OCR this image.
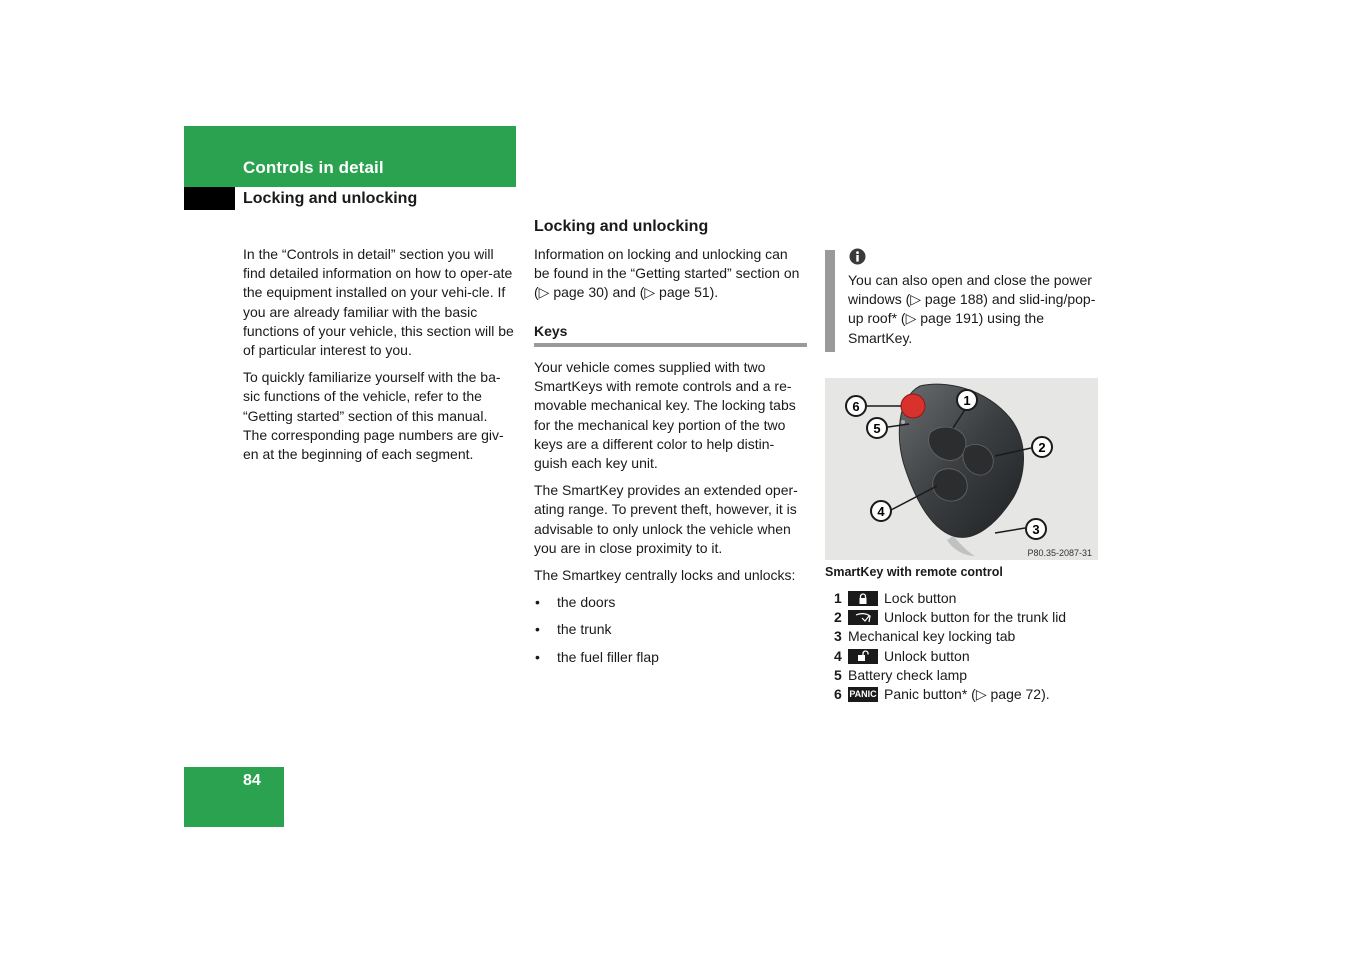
Controls in detail
Locking and unlocking

In the “Controls in detail” section you will find detailed information on how to oper-ate the equipment installed on your vehi-cle. If you are already familiar with the basic functions of your vehicle, this section will be of particular interest to you.

To quickly familiarize yourself with the ba-sic functions of the vehicle, refer to the “Getting started” section of this manual. The corresponding page numbers are giv-en at the beginning of each segment.

Locking and unlocking

Information on locking and unlocking can be found in the “Getting started” section on (▷ page 30) and (▷ page 51).

Keys

Your vehicle comes supplied with two SmartKeys with remote controls and a re-movable mechanical key. The locking tabs for the mechanical key portion of the two keys are a different color to help distin-guish each key unit.

The SmartKey provides an extended oper-ating range. To prevent theft, however, it is advisable to only unlock the vehicle when you are in close proximity to it.

The Smartkey centrally locks and unlocks:

• the doors
• the trunk
• the fuel filler flap
You can also open and close the power windows (▷ page 188) and slid-ing/pop-up roof* (▷ page 191) using the SmartKey.
1
2
3
4
5
6
P80.35-2087-31
SmartKey with remote control
1	Lock button
2	Unlock button for the trunk lid
3 Mechanical key locking tab
4	Unlock button
5 Battery check lamp
6 PANIC Panic button* (▷ page 72).
84
